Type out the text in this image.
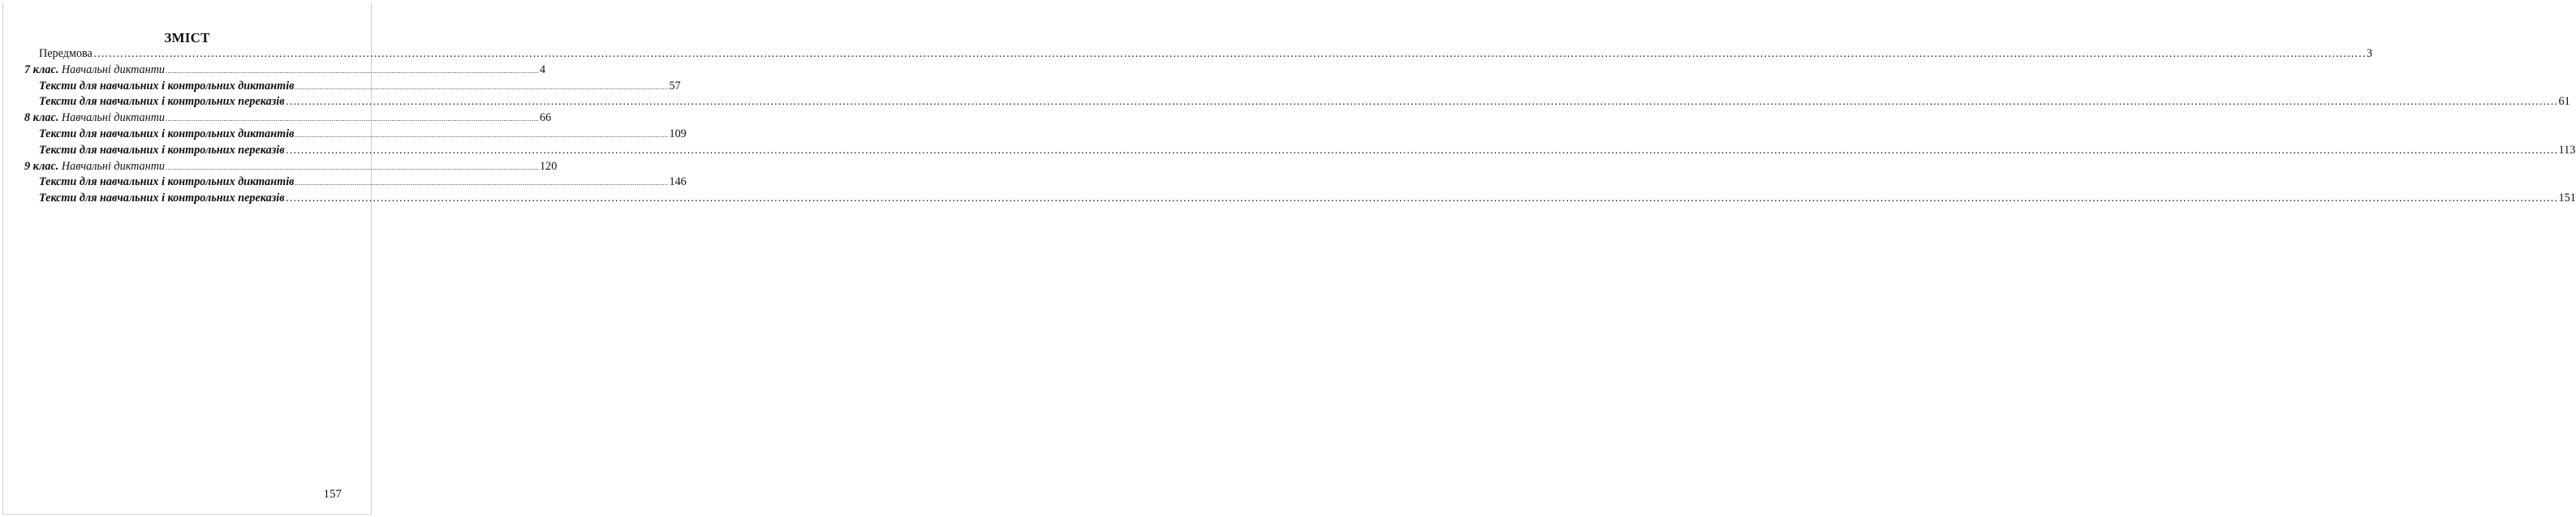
ЗМІСТ
Передмова …………………………………………………………………………………………………………………………………………………………………………………………………………………………………………………………………………………………………………………………………………………………………………………………………………………………………………………………………………………………………………………………………………………… 3
7 клас. Навчальні диктанти ........................................................................................................................................................................................................ 4
Тексти для навчальних і контрольних диктантів ........................................................................................................................................................................................................ 57
Тексти для навчальних і контрольних переказів …………………………………………………………………………………………………………………………………………………………………………………………………………………………………………………………………………………………………………………………………………………………………………………………………………………………………………………………………………………………………………………………………………………… 61
8 клас. Навчальні диктанти ........................................................................................................................................................................................................ 66
Тексти для навчальних і контрольних диктантів ........................................................................................................................................................................................................ 109
Тексти для навчальних і контрольних переказів …………………………………………………………………………………………………………………………………………………………………………………………………………………………………………………………………………………………………………………………………………………………………………………………………………………………………………………………………………………………………………………………………………………… 113
9 клас. Навчальні диктанти ........................................................................................................................................................................................................ 120
Тексти для навчальних і контрольних диктантів ........................................................................................................................................................................................................ 146
Тексти для навчальних і контрольних переказів …………………………………………………………………………………………………………………………………………………………………………………………………………………………………………………………………………………………………………………………………………………………………………………………………………………………………………………………………………………………………………………………………………………… 151
157
